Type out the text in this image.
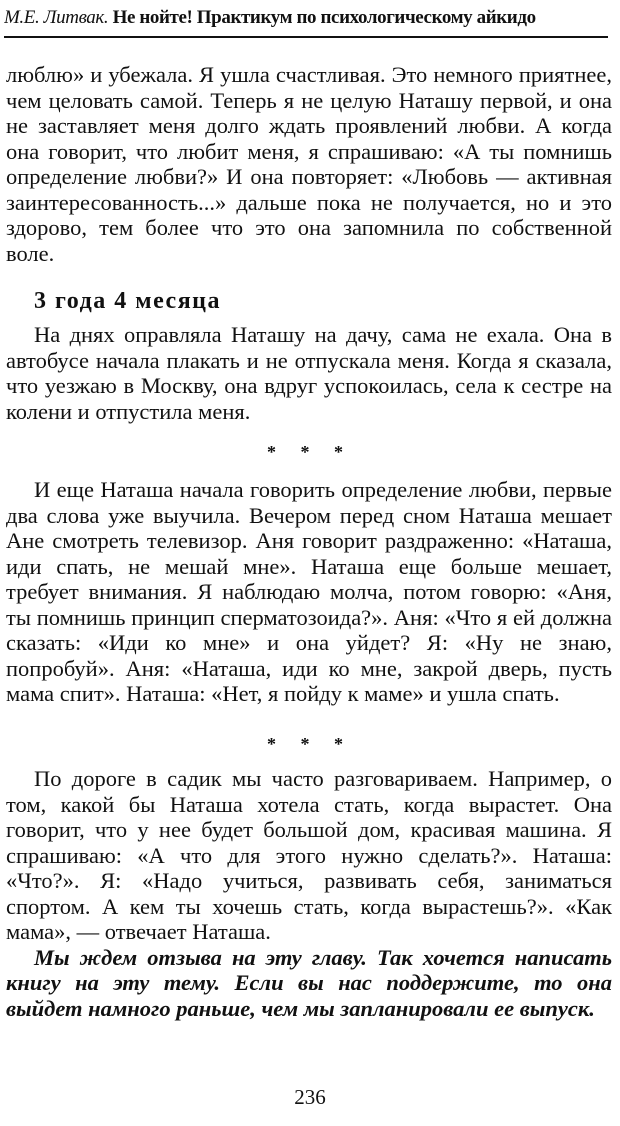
М.Е. Литвак. Не нойте! Практикум по психологическому айкидо

люблю» и убежала. Я ушла счастливая. Это немного приятнее, чем целовать самой. Теперь я не целую Наташу первой, и она не заставляет меня долго ждать проявлений любви. А когда она говорит, что любит меня, я спрашиваю: «А ты помнишь определение любви?» И она повторяет: «Любовь — активная заинтересованность...» дальше пока не получается, но и это здорово, тем более что это она запомнила по собственной воле.

3 года 4 месяца

На днях оправляла Наташу на дачу, сама не ехала. Она в автобусе начала плакать и не отпускала меня. Когда я сказала, что уезжаю в Москву, она вдруг успокоилась, села к сестре на колени и отпустила меня.

* * *

И еще Наташа начала говорить определение любви, первые два слова уже выучила. Вечером перед сном Наташа мешает Ане смотреть телевизор. Аня говорит раздраженно: «Наташа, иди спать, не мешай мне». Наташа еще больше мешает, требует внимания. Я наблюдаю молча, потом говорю: «Аня, ты помнишь принцип сперматозоида?». Аня: «Что я ей должна сказать: «Иди ко мне» и она уйдет? Я: «Ну не знаю, попробуй». Аня: «Наташа, иди ко мне, закрой дверь, пусть мама спит». Наташа: «Нет, я пойду к маме» и ушла спать.

* * *

По дороге в садик мы часто разговариваем. Например, о том, какой бы Наташа хотела стать, когда вырастет. Она говорит, что у нее будет большой дом, красивая машина. Я спрашиваю: «А что для этого нужно сделать?». Наташа: «Что?». Я: «Надо учиться, развивать себя, заниматься спортом. А кем ты хочешь стать, когда вырастешь?». «Как мама», — отвечает Наташа.

Мы ждем отзыва на эту главу. Так хочется написать книгу на эту тему. Если вы нас поддержите, то она выйдет намного раньше, чем мы запланировали ее выпуск.

236
